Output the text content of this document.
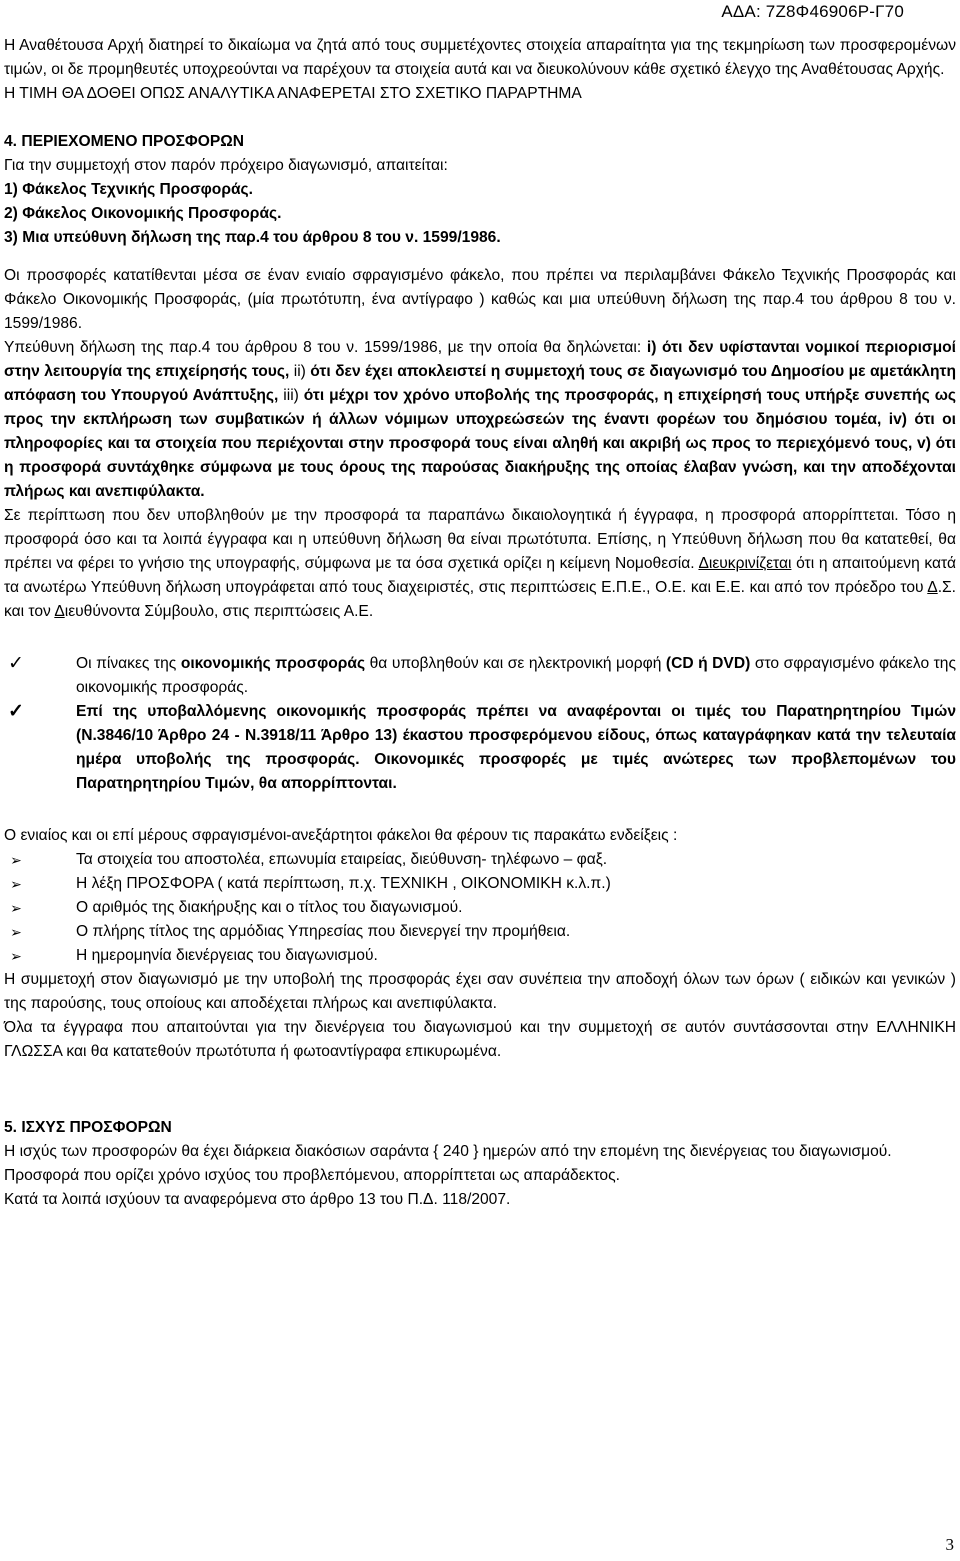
ΑΔΑ: 7Ζ8Φ46906Ρ-Γ70

Η Αναθέτουσα Αρχή διατηρεί το δικαίωμα να ζητά από τους συμμετέχοντες στοιχεία απαραίτητα για της τεκμηρίωση των προσφερομένων τιμών, οι δε προμηθευτές υποχρεούνται να παρέχουν τα στοιχεία αυτά και να διευκολύνουν κάθε σχετικό έλεγχο της Αναθέτουσας Αρχής.

Η ΤΙΜΗ ΘΑ ΔΟΘΕΙ ΟΠΩΣ ΑΝΑΛΥΤΙΚΑ ΑΝΑΦΕΡΕΤΑΙ ΣΤΟ ΣΧΕΤΙΚΟ ΠΑΡΑΡΤΗΜΑ

4. ΠΕΡΙΕΧΟΜΕΝΟ ΠΡΟΣΦΟΡΩΝ

Για την συμμετοχή στον παρόν πρόχειρο διαγωνισμό, απαιτείται:

1) Φάκελος Τεχνικής Προσφοράς.

2) Φάκελος Οικονομικής Προσφοράς.

3) Μια υπεύθυνη δήλωση της παρ.4 του άρθρου 8 του ν. 1599/1986.

Οι προσφορές κατατίθενται μέσα σε έναν ενιαίο σφραγισμένο φάκελο, που πρέπει να περιλαμβάνει Φάκελο Τεχνικής Προσφοράς και Φάκελο Οικονομικής Προσφοράς, (μία πρωτότυπη, ένα αντίγραφο ) καθώς και μια υπεύθυνη δήλωση της παρ.4 του άρθρου 8 του ν. 1599/1986.

Υπεύθυνη δήλωση της παρ.4 του άρθρου 8 του ν. 1599/1986, με την οποία θα δηλώνεται: i) ότι δεν υφίστανται νομικοί περιορισμοί στην λειτουργία της επιχείρησής τους, ii) ότι δεν έχει αποκλειστεί η συμμετοχή τους σε διαγωνισμό του Δημοσίου με αμετάκλητη απόφαση του Υπουργού Ανάπτυξης, iii) ότι μέχρι τον χρόνο υποβολής της προσφοράς, η επιχείρησή τους υπήρξε συνεπής ως προς την εκπλήρωση των συμβατικών ή άλλων νόμιμων υποχρεώσεών της έναντι φορέων του δημόσιου τομέα, iv) ότι οι πληροφορίες και τα στοιχεία που περιέχονται στην προσφορά τους είναι αληθή και ακριβή ως προς το περιεχόμενό τους, v) ότι η προσφορά συντάχθηκε σύμφωνα με τους όρους της παρούσας διακήρυξης της οποίας έλαβαν γνώση, και την αποδέχονται πλήρως και ανεπιφύλακτα.

Σε περίπτωση που δεν υποβληθούν με την προσφορά τα παραπάνω δικαιολογητικά ή έγγραφα, η προσφορά απορρίπτεται. Τόσο η προσφορά όσο και τα λοιπά έγγραφα και η υπεύθυνη δήλωση θα είναι πρωτότυπα. Επίσης, η Υπεύθυνη δήλωση που θα κατατεθεί, θα πρέπει να φέρει το γνήσιο της υπογραφής, σύμφωνα με τα όσα σχετικά ορίζει η κείμενη Νομοθεσία. Διευκρινίζεται ότι η απαιτούμενη κατά τα ανωτέρω Υπεύθυνη δήλωση υπογράφεται από τους διαχειριστές, στις περιπτώσεις Ε.Π.Ε., Ο.Ε. και Ε.Ε. και από τον πρόεδρο του Δ.Σ. και τον Διευθύνοντα Σύμβουλο, στις περιπτώσεις Α.Ε.

✓	Οι πίνακες της οικονομικής προσφοράς θα υποβληθούν και σε ηλεκτρονική μορφή (CD ή DVD) στο σφραγισμένο φάκελο της οικονομικής προσφοράς.
✓	Επί της υποβαλλόμενης οικονομικής προσφοράς πρέπει να αναφέρονται οι τιμές του Παρατηρητηρίου Τιμών (Ν.3846/10 Άρθρο 24 - Ν.3918/11 Άρθρο 13) έκαστου προσφερόμενου είδους, όπως καταγράφηκαν κατά την τελευταία ημέρα υποβολής της προσφοράς. Οικονομικές προσφορές με τιμές ανώτερες των προβλεπομένων του Παρατηρητηρίου Τιμών, θα απορρίπτονται.

Ο ενιαίος και οι επί μέρους σφραγισμένοι-ανεξάρτητοι φάκελοι θα φέρουν τις παρακάτω ενδείξεις :

➢	Τα στοιχεία του αποστολέα, επωνυμία εταιρείας, διεύθυνση- τηλέφωνο – φαξ.
➢	Η λέξη ΠΡΟΣΦΟΡΑ ( κατά περίπτωση, π.χ. ΤΕΧΝΙΚΗ , ΟΙΚΟΝΟΜΙΚΗ κ.λ.π.)
➢	Ο αριθμός της διακήρυξης και ο τίτλος του διαγωνισμού.
➢	Ο πλήρης τίτλος της αρμόδιας Υπηρεσίας που διενεργεί την προμήθεια.
➢	Η ημερομηνία διενέργειας του διαγωνισμού.

Η συμμετοχή στον διαγωνισμό με την υποβολή της προσφοράς έχει σαν συνέπεια την αποδοχή όλων των όρων ( ειδικών και γενικών ) της παρούσης, τους οποίους και αποδέχεται πλήρως και ανεπιφύλακτα.

Όλα τα έγγραφα που απαιτούνται για την διενέργεια του διαγωνισμού και την συμμετοχή σε αυτόν συντάσσονται στην ΕΛΛΗΝΙΚΗ ΓΛΩΣΣΑ και θα κατατεθούν πρωτότυπα ή φωτοαντίγραφα επικυρωμένα.

5. ΙΣΧΥΣ ΠΡΟΣΦΟΡΩΝ

Η ισχύς των προσφορών θα έχει διάρκεια διακόσιων σαράντα { 240 } ημερών από την επομένη της διενέργειας του διαγωνισμού.

Προσφορά που ορίζει χρόνο ισχύος του προβλεπόμενου, απορρίπτεται ως απαράδεκτος.

Κατά τα λοιπά ισχύουν τα αναφερόμενα στο άρθρο 13 του Π.Δ. 118/2007.

3
